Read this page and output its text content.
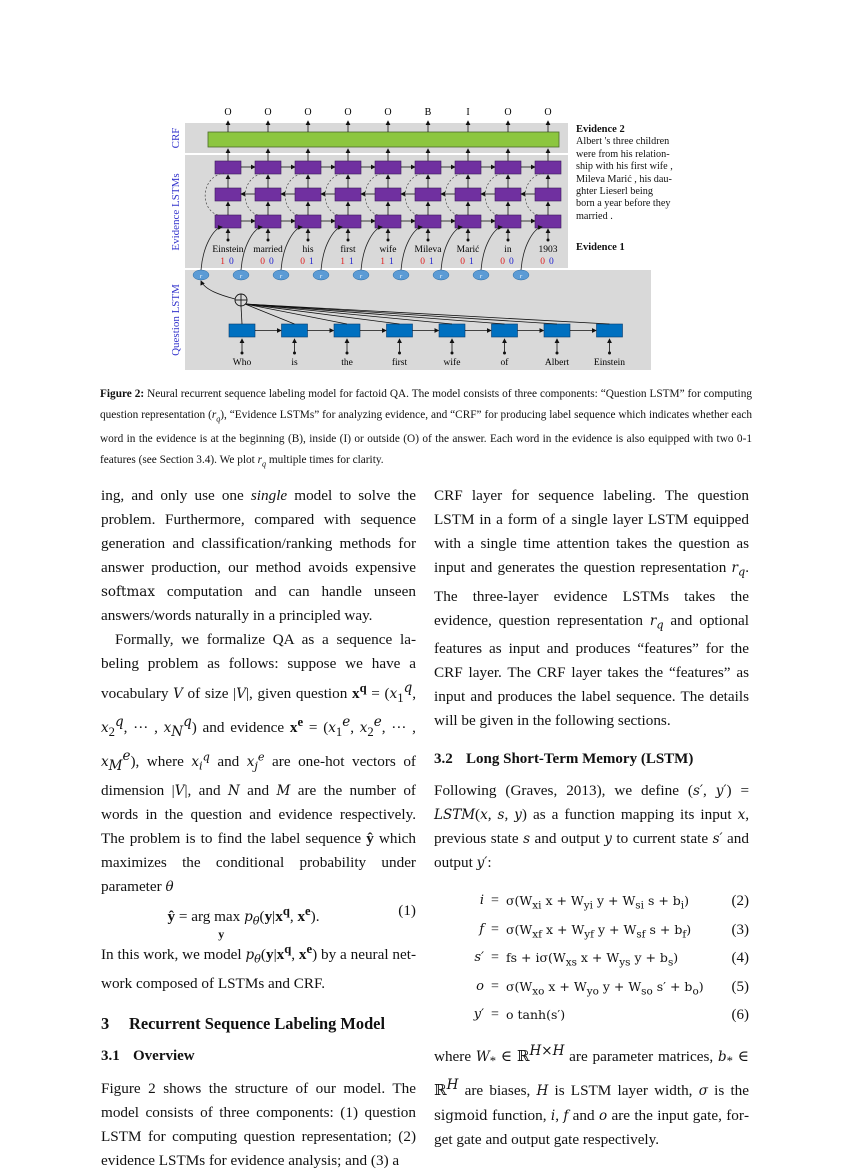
CRF
Evidence LSTMs
Question LSTM
O	O	O	O	O	B	I	O	O
Einstein
1 0
r
married
0 0
r
his
0 1
r
first
1 1
r
wife
1 1
r
Mileva
0 1
r
Marić
0 1
r
in
0 0
r
1903
0 0
r
Who	is	the	first	wife	of	Albert	Einstein
Evidence 2
Albert 's three children
were from his relation-
ship with his first wife ,
Mileva Marić , his dau-
ghter Lieserl being
born a year before they
married .
Evidence 1
Figure 2: Neural recurrent sequence labeling model for factoid QA. The model consists of three components: “Question LSTM” for computing question representation $(r_q)$, “Evidence LSTMs” for analyzing evidence, and “CRF” for producing label sequence which indicates whether each word in the evidence is at the beginning (B), inside (I) or outside (O) of the answer. Each word in the evidence is also equipped with two 0-1 features (see Section 3.4). We plot $r_q$ multiple times for clarity.

ing, and only use one single model to solve the problem. Furthermore, compared with sequence generation and classification/ranking methods for answer production, our method avoids expensive softmax computation and can handle unseen answers/words naturally in a principled way.

Formally, we formalize QA as a sequence labeling problem as follows: suppose we have a vocabulary V of size |V|, given question $x^q = (x_1^q$, $x_2^q$, ··· , $x_N^q$) and evidence $x^e = (x_1^e$, $x_2^e$, ··· , $x_M^e$), where $x_i^q$ and $x_j^e$ are one-hot vectors of dimension |V|, and N and M are the number of words in the question and evidence respectively. The problem is to find the label sequence ŷ which maximizes the conditional probability under parameter θ

ŷ = arg max
y
$p_\theta(y|x^q$, $x^e$).	(1)

In this work, we model $p_\theta(y|x^q$, $x^e$) by a neural network composed of LSTMs and CRF.

3 Recurrent Sequence Labeling Model
3.1 Overview

Figure 2 shows the structure of our model. The model consists of three components: (1) question LSTM for computing question representation; (2) evidence LSTMs for evidence analysis; and (3) a

CRF layer for sequence labeling. The question LSTM in a form of a single layer LSTM equipped with a single time attention takes the question as input and generates the question representation $r_q$. The three-layer evidence LSTMs takes the evidence, question representation $r_q$ and optional features as input and produces “features” for the CRF layer. The CRF layer takes the “features” as input and produces the label sequence. The details will be given in the following sections.

3.2 Long Short-Term Memory (LSTM)

Following (Graves, 2013), we define (s′, y′) = LSTM(x, s, y) as a function mapping its input x, previous state s and output y to current state s′ and output y′:

$i = \sigma(W_{xi}$ $x + W_{yi}$ $y + W_{si}$ $s + b_i$)	(2)
$f = \sigma(W_{xf}$ $x + W_{yf}$ $y + W_{sf}$ $s + b_f$)	(3)
s′ = fs + $i\sigma(W_{xs}$ $x + W_{ys}$ $y + b_s$)	(4)
$o = \sigma(W_{xo}$ $x + W_{yo}$ $y + W_{so}$ $s' + b_o$)	(5)
y′ = o tanh(s′)	(6)

where $W_*$ ∈ ℝ$^{H\times H}$ are parameter matrices, $b_*$ ∈ ℝ$^H$ are biases, H is LSTM layer width, σ is the sigmoid function, i, f and o are the input gate, forget gate and output gate respectively.
